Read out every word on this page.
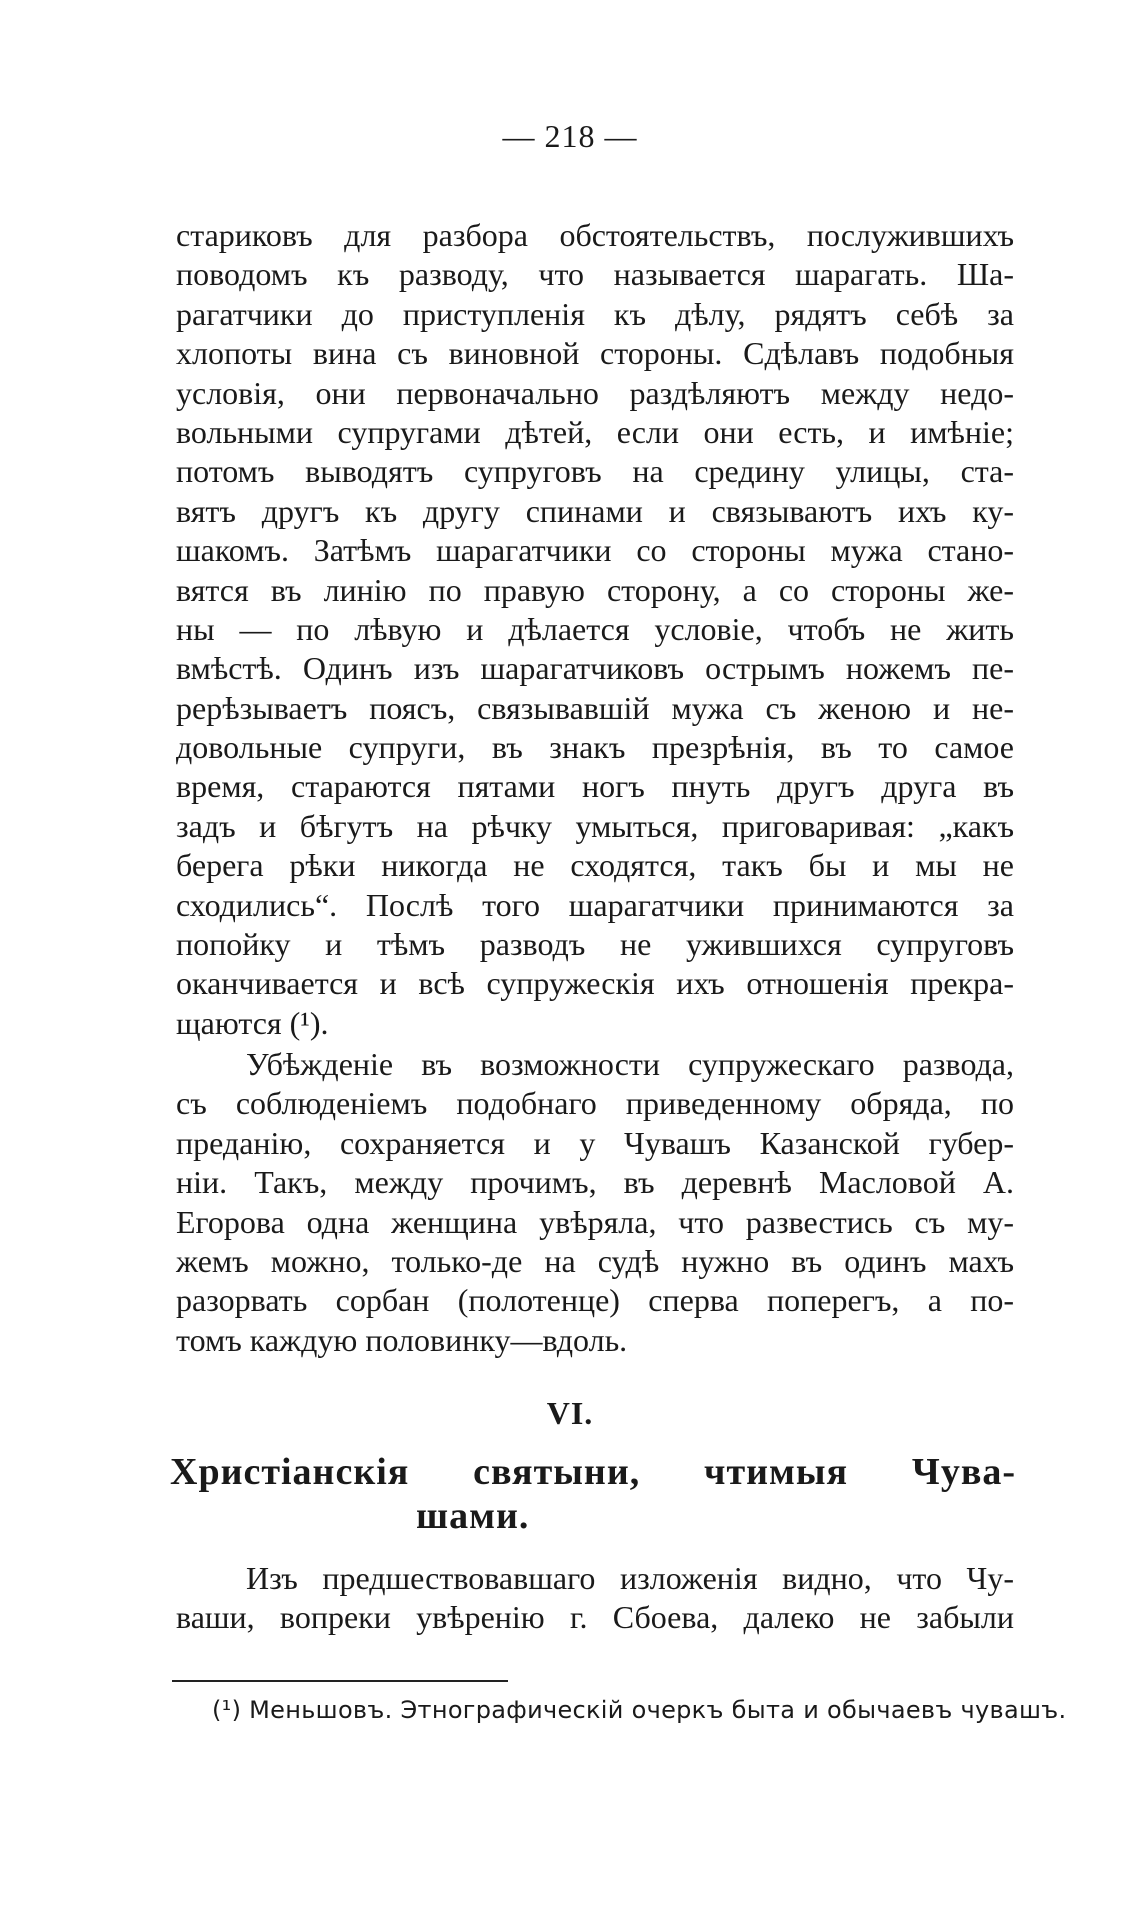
— 218 —
стариковъ для разбора обстоятельствъ, послужившихъ
поводомъ къ разводу, что называется шарагать. Ша-
рагатчики до приступленія къ дѣлу, рядятъ себѣ за
хлопоты вина съ виновной стороны. Сдѣлавъ подобныя
условія, они первоначально раздѣляютъ между недо-
вольными супругами дѣтей, если они есть, и имѣніе;
потомъ выводятъ супруговъ на средину улицы, ста-
вятъ другъ къ другу спинами и связываютъ ихъ ку-
шакомъ. Затѣмъ шарагатчики со стороны мужа стано-
вятся въ линію по правую сторону, а со стороны же-
ны — по лѣвую и дѣлается условіе, чтобъ не жить
вмѣстѣ. Одинъ изъ шарагатчиковъ острымъ ножемъ пе-
рерѣзываетъ поясъ, связывавшій мужа съ женою и не-
довольные супруги, въ знакъ презрѣнія, въ то самое
время, стараются пятами ногъ пнуть другъ друга въ
задъ и бѣгутъ на рѣчку умыться, приговаривая: „какъ
берега рѣки никогда не сходятся, такъ бы и мы не
сходились“. Послѣ того шарагатчики принимаются за
попойку и тѣмъ разводъ не ужившихся супруговъ
оканчивается и всѣ супружескія ихъ отношенія прекра-
щаются (¹).
Убѣжденіе въ возможности супружескаго развода,
съ соблюденіемъ подобнаго приведенному обряда, по
преданію, сохраняется и у Чувашъ Казанской губер-
ніи. Такъ, между прочимъ, въ деревнѣ Масловой А.
Егорова одна женщина увѣряла, что развестись съ му-
жемъ можно, только-де на судѣ нужно въ одинъ махъ
разорвать сорбан (полотенце) сперва поперегъ, а по-
томъ каждую половинку—вдоль.
VI.
Христіанскія святыни, чтимыя Чува-
шами.
Изъ предшествовавшаго изложенія видно, что Чу-
ваши, вопреки увѣренію г. Сбоева, далеко не забыли
(¹) Меньшовъ. Этнографическій очеркъ быта и обычаевъ чувашъ.
